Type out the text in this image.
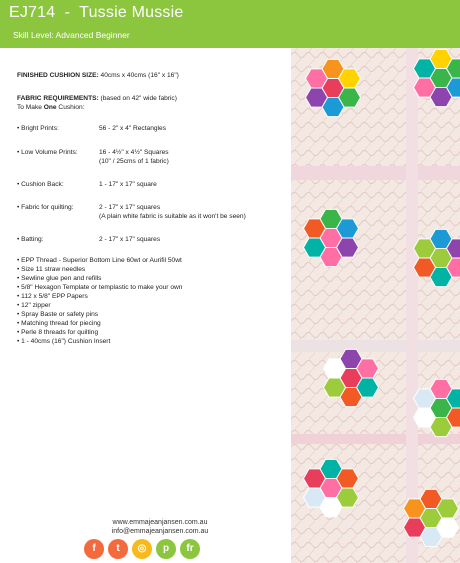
EJ714  -  Tussie Mussie
Skill Level: Advanced Beginner
FINISHED CUSHION SIZE: 40cms x 40cms (16" x 16")
FABRIC REQUIREMENTS: (based on 42" wide fabric)
To Make One Cushion:
• Bright Prints:	56 - 2" x 4" Rectangles
• Low Volume Prints:	16 - 4½" x 4½" Squares
(10" / 25cms of 1 fabric)
• Cushion Back:	1 - 17" x 17" square
• Fabric for quilting:	2 - 17" x 17" squares
(A plain white fabric is suitable as it won't be seen)
• Batting:	2 - 17" x 17" squares
• EPP Thread - Superior Bottom Line 60wt or Aurifil 50wt
• Size 11 straw needles
• Sewline glue pen and refills
• 5/8" Hexagon Template or templastic to make your own
• 112 x 5/8" EPP Papers
• 12" zipper
• Spray Baste or safety pins
• Matching thread for piecing
• Perle 8 threads for quilting
• 1 - 40cms (16") Cushion Insert
www.emmajeanjansen.com.au
info@emmajeanjansen.com.au
f	t	◎	p	fr
